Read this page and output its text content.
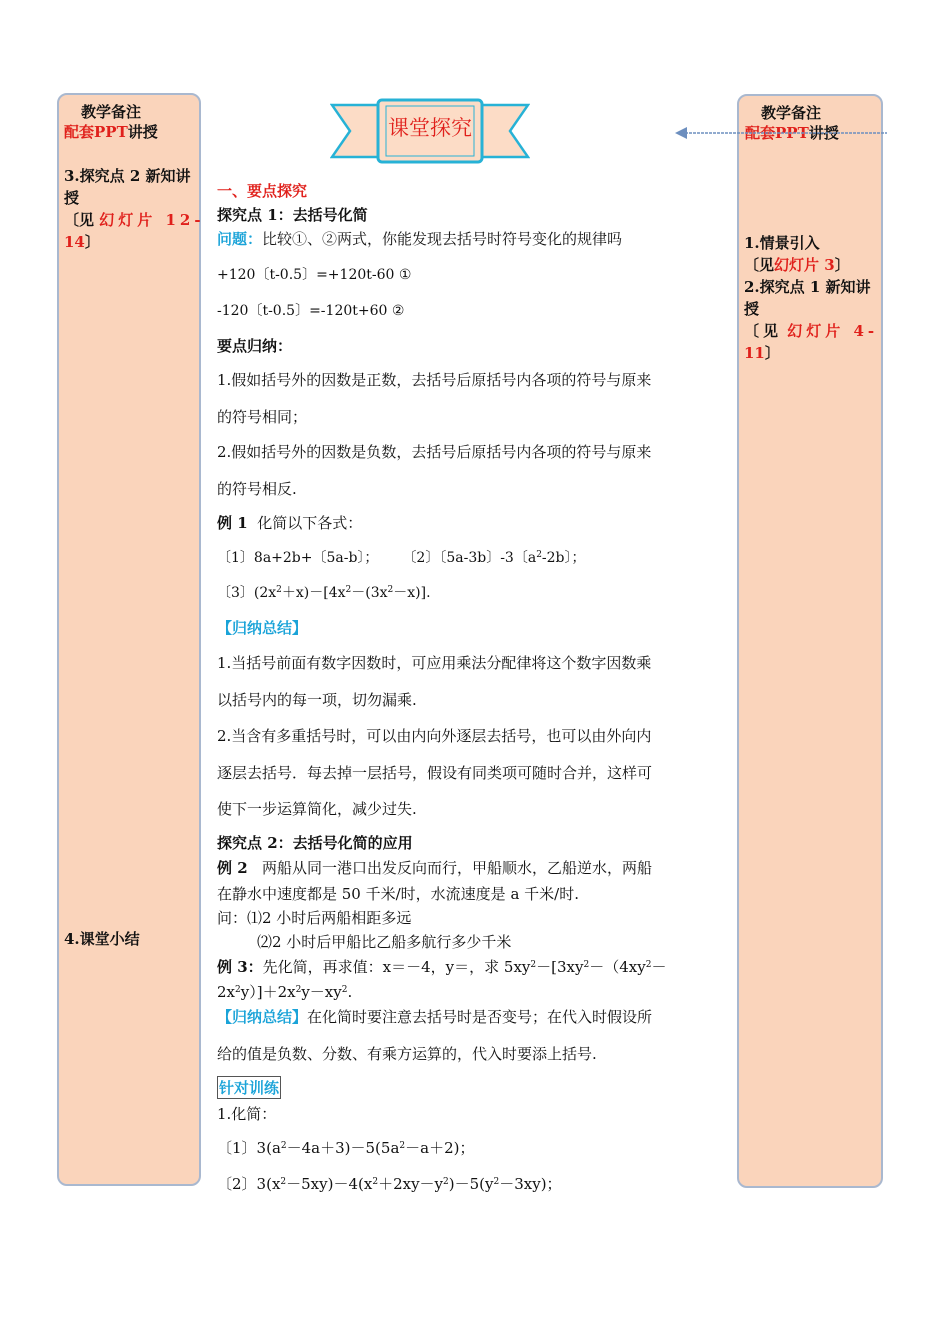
教学备注
配套PPT讲授
3.探究点 2 新知讲
授
〔见 幻灯片 12-
14〕
4.课堂小结
教学备注
配套PPT讲授
1.情景引入
〔见幻灯片 3〕
2.探究点 1 新知讲
授
〔见 幻灯片 4-
11〕
课堂探究
一、要点探究
探究点 1：去括号化简
问题：比较①、②两式，你能发现去括号时符号变化的规律吗
+120〔t-0.5〕=+120t-60 ①
-120〔t-0.5〕=-120t+60 ②
要点归纳：
1.假如括号外的因数是正数，去括号后原括号内各项的符号与原来
的符号相同；
2.假如括号外的因数是负数，去括号后原括号内各项的符号与原来
的符号相反.
例 1 化简以下各式：
〔1〕8a+2b+〔5a-b〕； 〔2〕〔5a-3b〕-3〔$a^2-2b$〕；
〔3〕$(2x^2+x)-[4x^2-(3x^2-x)]$.
【归纳总结】
1.当括号前面有数字因数时，可应用乘法分配律将这个数字因数乘
以括号内的每一项，切勿漏乘.
2.当含有多重括号时，可以由内向外逐层去括号，也可以由外向内
逐层去括号．每去掉一层括号，假设有同类项可随时合并，这样可
使下一步运算简化，减少过失.
探究点 2：去括号化简的应用
例 2 两船从同一港口出发反向而行，甲船顺水，乙船逆水，两船
在静水中速度都是 50 千米/时，水流速度是 a 千米/时.
问：⑴2 小时后两船相距多远
⑵2 小时后甲船比乙船多航行多少千米
例 3：先化简，再求值：x＝－4，y＝，求 $5xy^2-[3xy^2-(4xy^2-$
$2x^2y)]+2x^2y-xy^2$.
【归纳总结】在化简时要注意去括号时是否变号；在代入时假设所
给的值是负数、分数、有乘方运算的，代入时要添上括号.
针对训练
1.化简：
〔1〕$3(a^2-4a+3)-5(5a^2-a+2)$；
〔2〕$3(x^2-5xy)-4(x^2+2xy-y^2)-5(y^2-3xy)$；
